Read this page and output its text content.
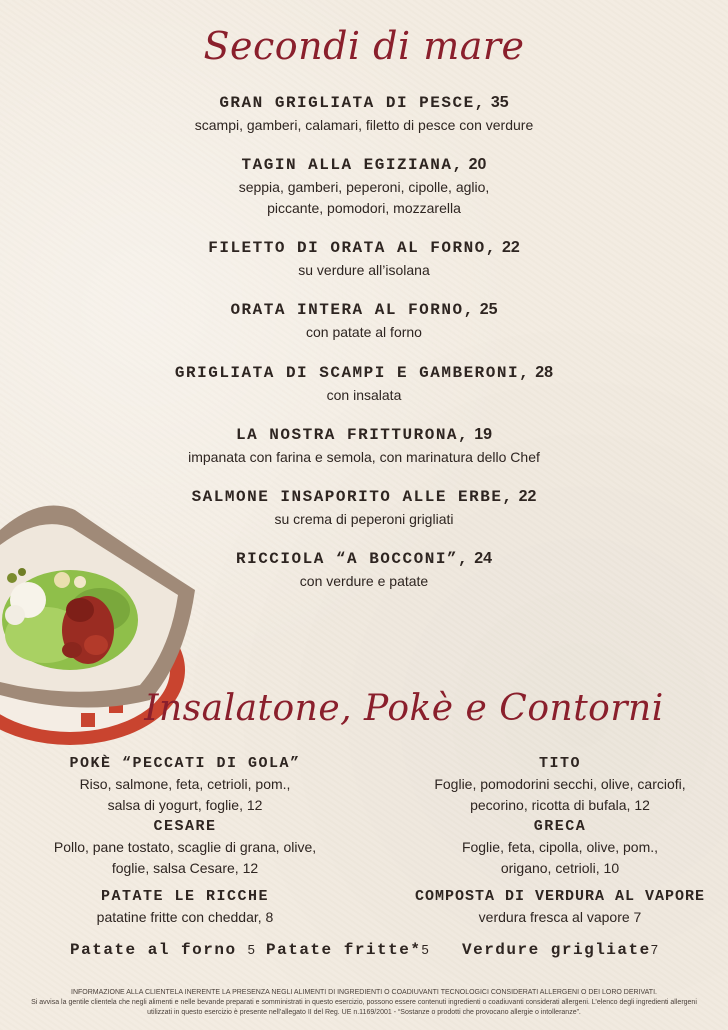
Secondi di mare
GRAN GRIGLIATA DI PESCE, 35
scampi, gamberi, calamari, filetto di pesce con verdure
TAGIN ALLA EGIZIANA, 20
seppia, gamberi, peperoni, cipolle, aglio,
piccante, pomodori, mozzarella
FILETTO DI ORATA AL FORNO, 22
su verdure all’isolana
ORATA INTERA AL FORNO, 25
con patate al forno
GRIGLIATA DI SCAMPI E GAMBERONI, 28
con insalata
LA NOSTRA FRITTURONA, 19
impanata con farina e semola, con marinatura dello Chef
SALMONE INSAPORITO ALLE ERBE, 22
su crema di peperoni grigliati
RICCIOLA “A BOCCONI”, 24
con verdure e patate
Insalatone, Pokè e Contorni
POKÈ “PECCATI DI GOLA”
Riso, salmone, feta, cetrioli, pom.,
salsa di yogurt, foglie, 12
CESARE
Pollo, pane tostato, scaglie di grana, olive,
foglie, salsa Cesare, 12
PATATE LE RICCHE
patatine fritte con cheddar, 8
TITO
Foglie, pomodorini secchi, olive, carciofi,
pecorino, ricotta di bufala, 12
GRECA
Foglie, feta, cipolla, olive, pom.,
origano, cetrioli, 10
COMPOSTA DI VERDURA AL VAPORE
verdura fresca al vapore 7
Patate al forno 5 Patate fritte*5 Verdure grigliate7
INFORMAZIONE ALLA CLIENTELA INERENTE LA PRESENZA NEGLI ALIMENTI DI INGREDIENTI O COADIUVANTI TECNOLOGICI CONSIDERATI ALLERGENI O DEI LORO DERIVATI.
Si avvisa la gentile clientela che negli alimenti e nelle bevande preparati e somministrati in questo esercizio, possono essere contenuti ingredienti o coadiuvanti considerati allergeni. L’elenco degli ingredienti allergeni
utilizzati in questo esercizio è presente nell’allegato II del Reg. UE n.1169/2001 - “Sostanze o prodotti che provocano allergie o intolleranze”.
